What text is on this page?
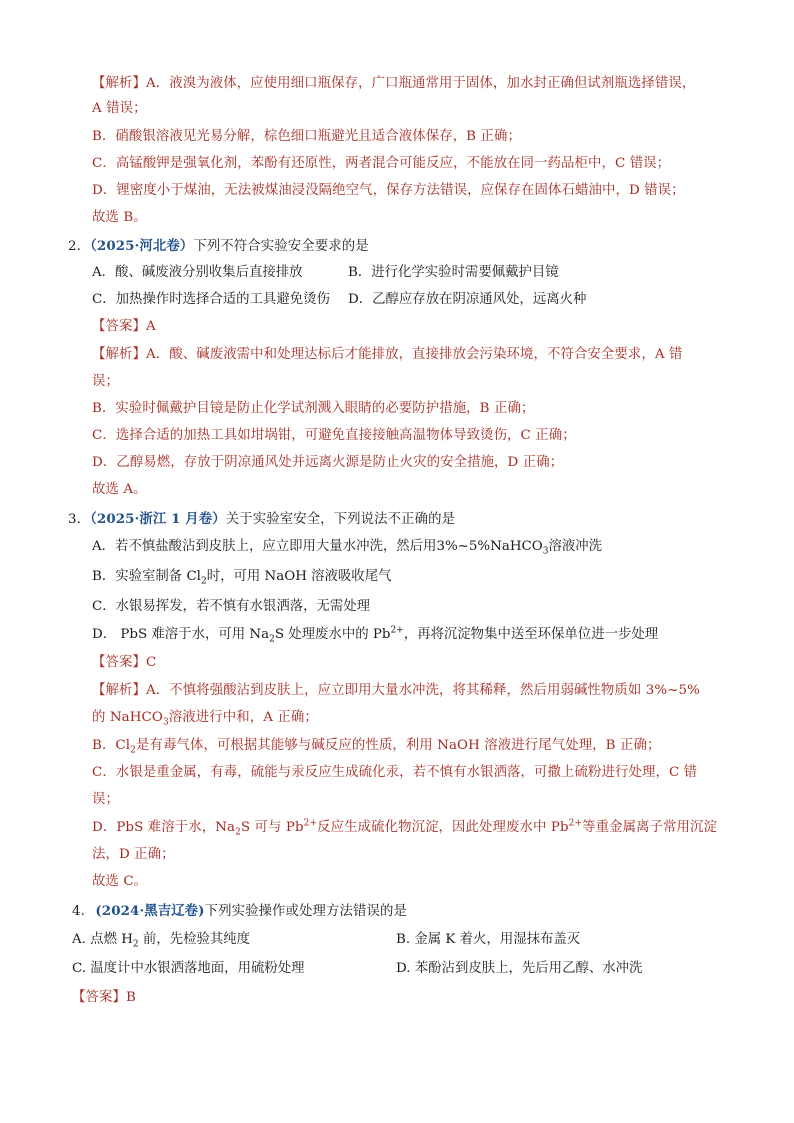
【解析】A．液溴为液体，应使用细口瓶保存，广口瓶通常用于固体，加水封正确但试剂瓶选择错误，
A 错误；
B．硝酸银溶液见光易分解，棕色细口瓶避光且适合液体保存，B 正确；
C．高锰酸钾是强氧化剂，苯酚有还原性，两者混合可能反应，不能放在同一药品柜中，C 错误；
D．锂密度小于煤油，无法被煤油浸没隔绝空气，保存方法错误，应保存在固体石蜡油中，D 错误；
故选 B。
2．（2025·河北卷）下列不符合实验安全要求的是
A．酸、碱废液分别收集后直接排放	B．进行化学实验时需要佩戴护目镜
C．加热操作时选择合适的工具避免烫伤 D．乙醇应存放在阴凉通风处，远离火种
【答案】A
【解析】A．酸、碱废液需中和处理达标后才能排放，直接排放会污染环境，不符合安全要求，A 错
误；
B．实验时佩戴护目镜是防止化学试剂溅入眼睛的必要防护措施，B 正确；
C．选择合适的加热工具如坩埚钳，可避免直接接触高温物体导致烫伤，C 正确；
D．乙醇易燃，存放于阴凉通风处并远离火源是防止火灾的安全措施，D 正确；
故选 A。
3．（2025·浙江 1 月卷）关于实验室安全，下列说法不正确的是
A．若不慎盐酸沾到皮肤上，应立即用大量水冲洗，然后用3%~5%NaHCO$_3$溶液冲洗
B．实验室制备 $Cl_2$时，可用 NaOH 溶液吸收尾气
C．水银易挥发，若不慎有水银洒落，无需处理
D． PbS 难溶于水，可用 $Na_2S$ 处理废水中的 $Pb^{2+}$，再将沉淀物集中送至环保单位进一步处理
【答案】C
【解析】A．不慎将强酸沾到皮肤上，应立即用大量水冲洗，将其稀释，然后用弱碱性物质如 3%~5%
的 NaHCO$_3$溶液进行中和，A 正确；
B．$Cl_2$是有毒气体，可根据其能够与碱反应的性质，利用 NaOH 溶液进行尾气处理，B 正确；
C．水银是重金属，有毒，硫能与汞反应生成硫化汞，若不慎有水银洒落，可撒上硫粉进行处理，C 错
误；
D．PbS 难溶于水，$Na_2S$ 可与 $Pb^{2+}$反应生成硫化物沉淀，因此处理废水中 $Pb^{2+}$等重金属离子常用沉淀
法，D 正确；
故选 C。
4. (2024·黑吉辽卷)下列实验操作或处理方法错误的是
A. 点燃 $H_2$ 前，先检验其纯度	B. 金属 K 着火，用湿抹布盖灭
C. 温度计中水银洒落地面，用硫粉处理	D. 苯酚沾到皮肤上，先后用乙醇、水冲洗
【答案】B
